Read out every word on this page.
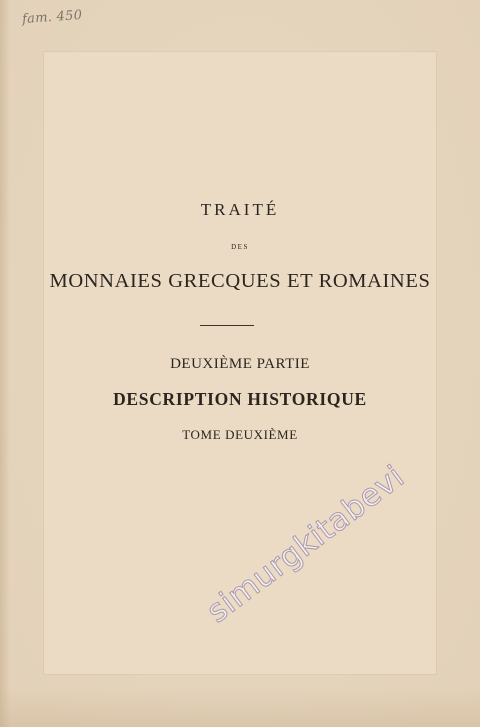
fam. 450
TRAITÉ
DES
MONNAIES GRECQUES ET ROMAINES
DEUXIÈME PARTIE
DESCRIPTION HISTORIQUE
TOME DEUXIÈME
simurgkitabevi
